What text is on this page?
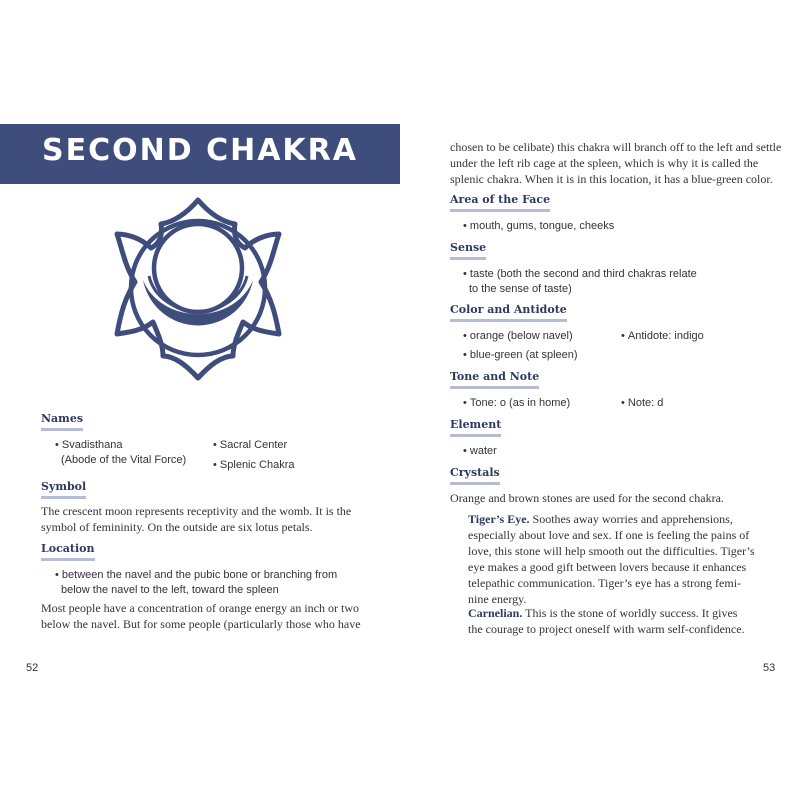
SECOND CHAKRA
Names
• Svadisthana
(Abode of the Vital Force)
• Sacral Center
• Splenic Chakra
Symbol
The crescent moon represents receptivity and the womb. It is the
symbol of femininity. On the outside are six lotus petals.
Location
• between the navel and the pubic bone or branching from
below the navel to the left, toward the spleen
Most people have a concentration of orange energy an inch or two
below the navel. But for some people (particularly those who have
52
chosen to be celibate) this chakra will branch off to the left and settle
under the left rib cage at the spleen, which is why it is called the
splenic chakra. When it is in this location, it has a blue-green color.
Area of the Face
• mouth, gums, tongue, cheeks
Sense
• taste (both the second and third chakras relate
to the sense of taste)
Color and Antidote
• orange (below navel)
• blue-green (at spleen)
• Antidote: indigo
Tone and Note
• Tone: o (as in home)	• Note: d
Element
• water
Crystals
Orange and brown stones are used for the second chakra.
Tiger’s Eye. Soothes away worries and apprehensions,
especially about love and sex. If one is feeling the pains of
love, this stone will help smooth out the difficulties. Tiger’s
eye makes a good gift between lovers because it enhances
telepathic communication. Tiger’s eye has a strong femi-
nine energy.
Carnelian. This is the stone of worldly success. It gives
the courage to project oneself with warm self-confidence.
53
